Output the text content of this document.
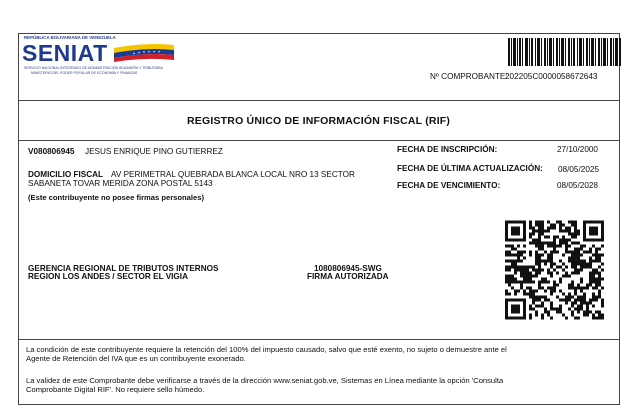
REPÚBLICA BOLIVARIANA DE VENEZUELA
SENIAT
SERVICIO NACIONAL INTEGRADO DE ADMINISTRACIÓN ADUANERA Y TRIBUTARIA
MINISTERIO DEL PODER POPULAR DE ECONOMÍA Y FINANZAS	Nº COMPROBANTE:
202205C0000058672643
REGISTRO ÚNICO DE INFORMACIÓN FISCAL (RIF)
V080806945 JESUS ENRIQUE PINO GUTIERREZ
DOMICILIO FISCAL AV PERIMETRAL QUEBRADA BLANCA LOCAL NRO 13 SECTOR
SABANETA TOVAR MERIDA ZONA POSTAL 5143
(Este contribuyente no posee firmas personales)
FECHA DE INSCRIPCIÓN:	27/10/2000
FECHA DE ÚLTIMA ACTUALIZACIÓN: 08/05/2025
FECHA DE VENCIMIENTO:	08/05/2028
GERENCIA REGIONAL DE TRIBUTOS INTERNOS
REGION LOS ANDES / SECTOR EL VIGIA
1080806945-SWG
FIRMA AUTORIZADA
La condición de este contribuyente requiere la retención del 100% del impuesto causado, salvo que esté exento, no sujeto o demuestre ante el
Agente de Retención del IVA que es un contribuyente exonerado.
La validez de este Comprobante debe verificarse a través de la dirección www.seniat.gob.ve, Sistemas en Línea mediante la opción 'Consulta
Comprobante Digital RIF'. No requiere sello húmedo.
